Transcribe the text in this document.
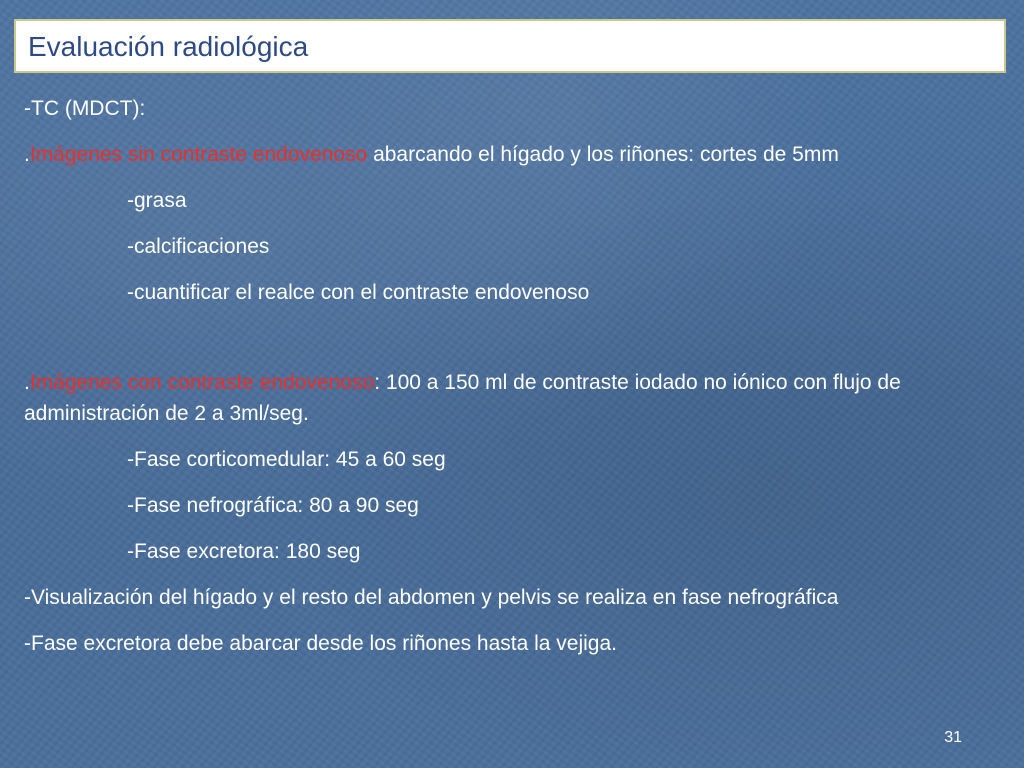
Evaluación radiológica
-TC (MDCT):
.Imágenes sin contraste endovenoso abarcando el hígado y los riñones: cortes de 5mm
-grasa
-calcificaciones
-cuantificar el realce con el contraste endovenoso
.Imágenes con contraste endovenoso: 100 a 150 ml de contraste iodado no iónico con flujo de administración de 2 a 3ml/seg.
-Fase corticomedular: 45 a 60 seg
-Fase nefrográfica: 80 a 90 seg
-Fase excretora: 180 seg
-Visualización del hígado y el resto del abdomen y pelvis se realiza en fase nefrográfica
-Fase excretora debe abarcar desde los riñones hasta la vejiga.
31
